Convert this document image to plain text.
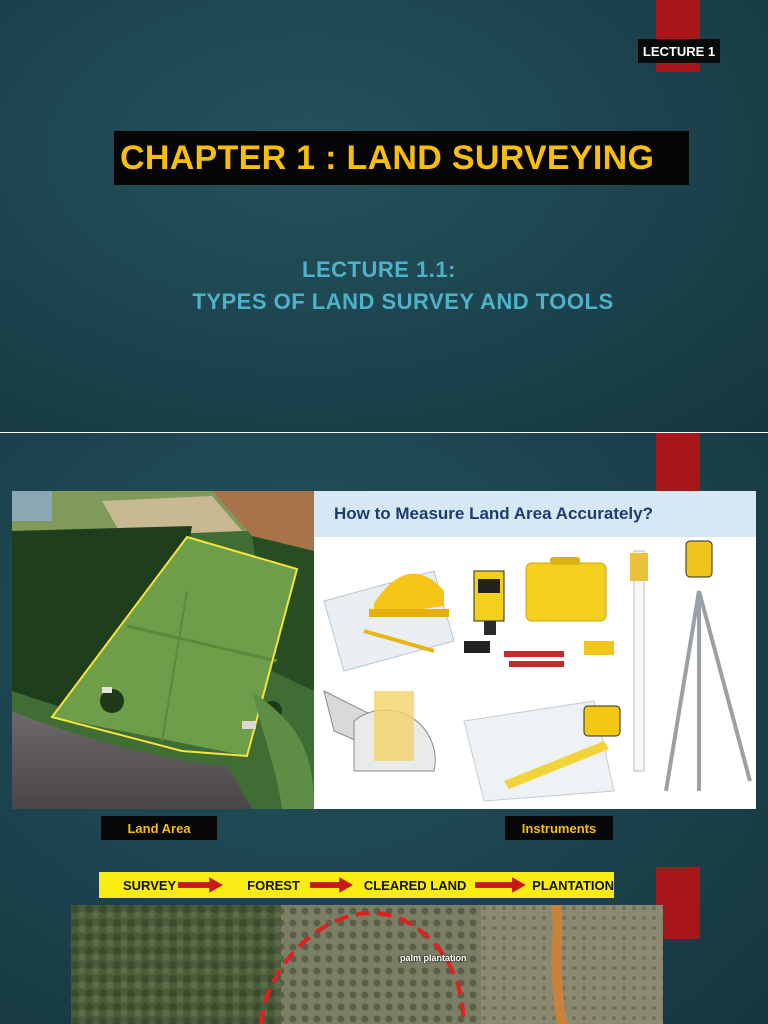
LECTURE 1
CHAPTER 1 : LAND SURVEYING
LECTURE 1.1:
TYPES OF LAND SURVEY AND TOOLS
How to Measure Land Area Accurately?
Land Area	Instruments
SURVEY	FOREST	CLEARED LAND	PLANTATION
palm plantation
